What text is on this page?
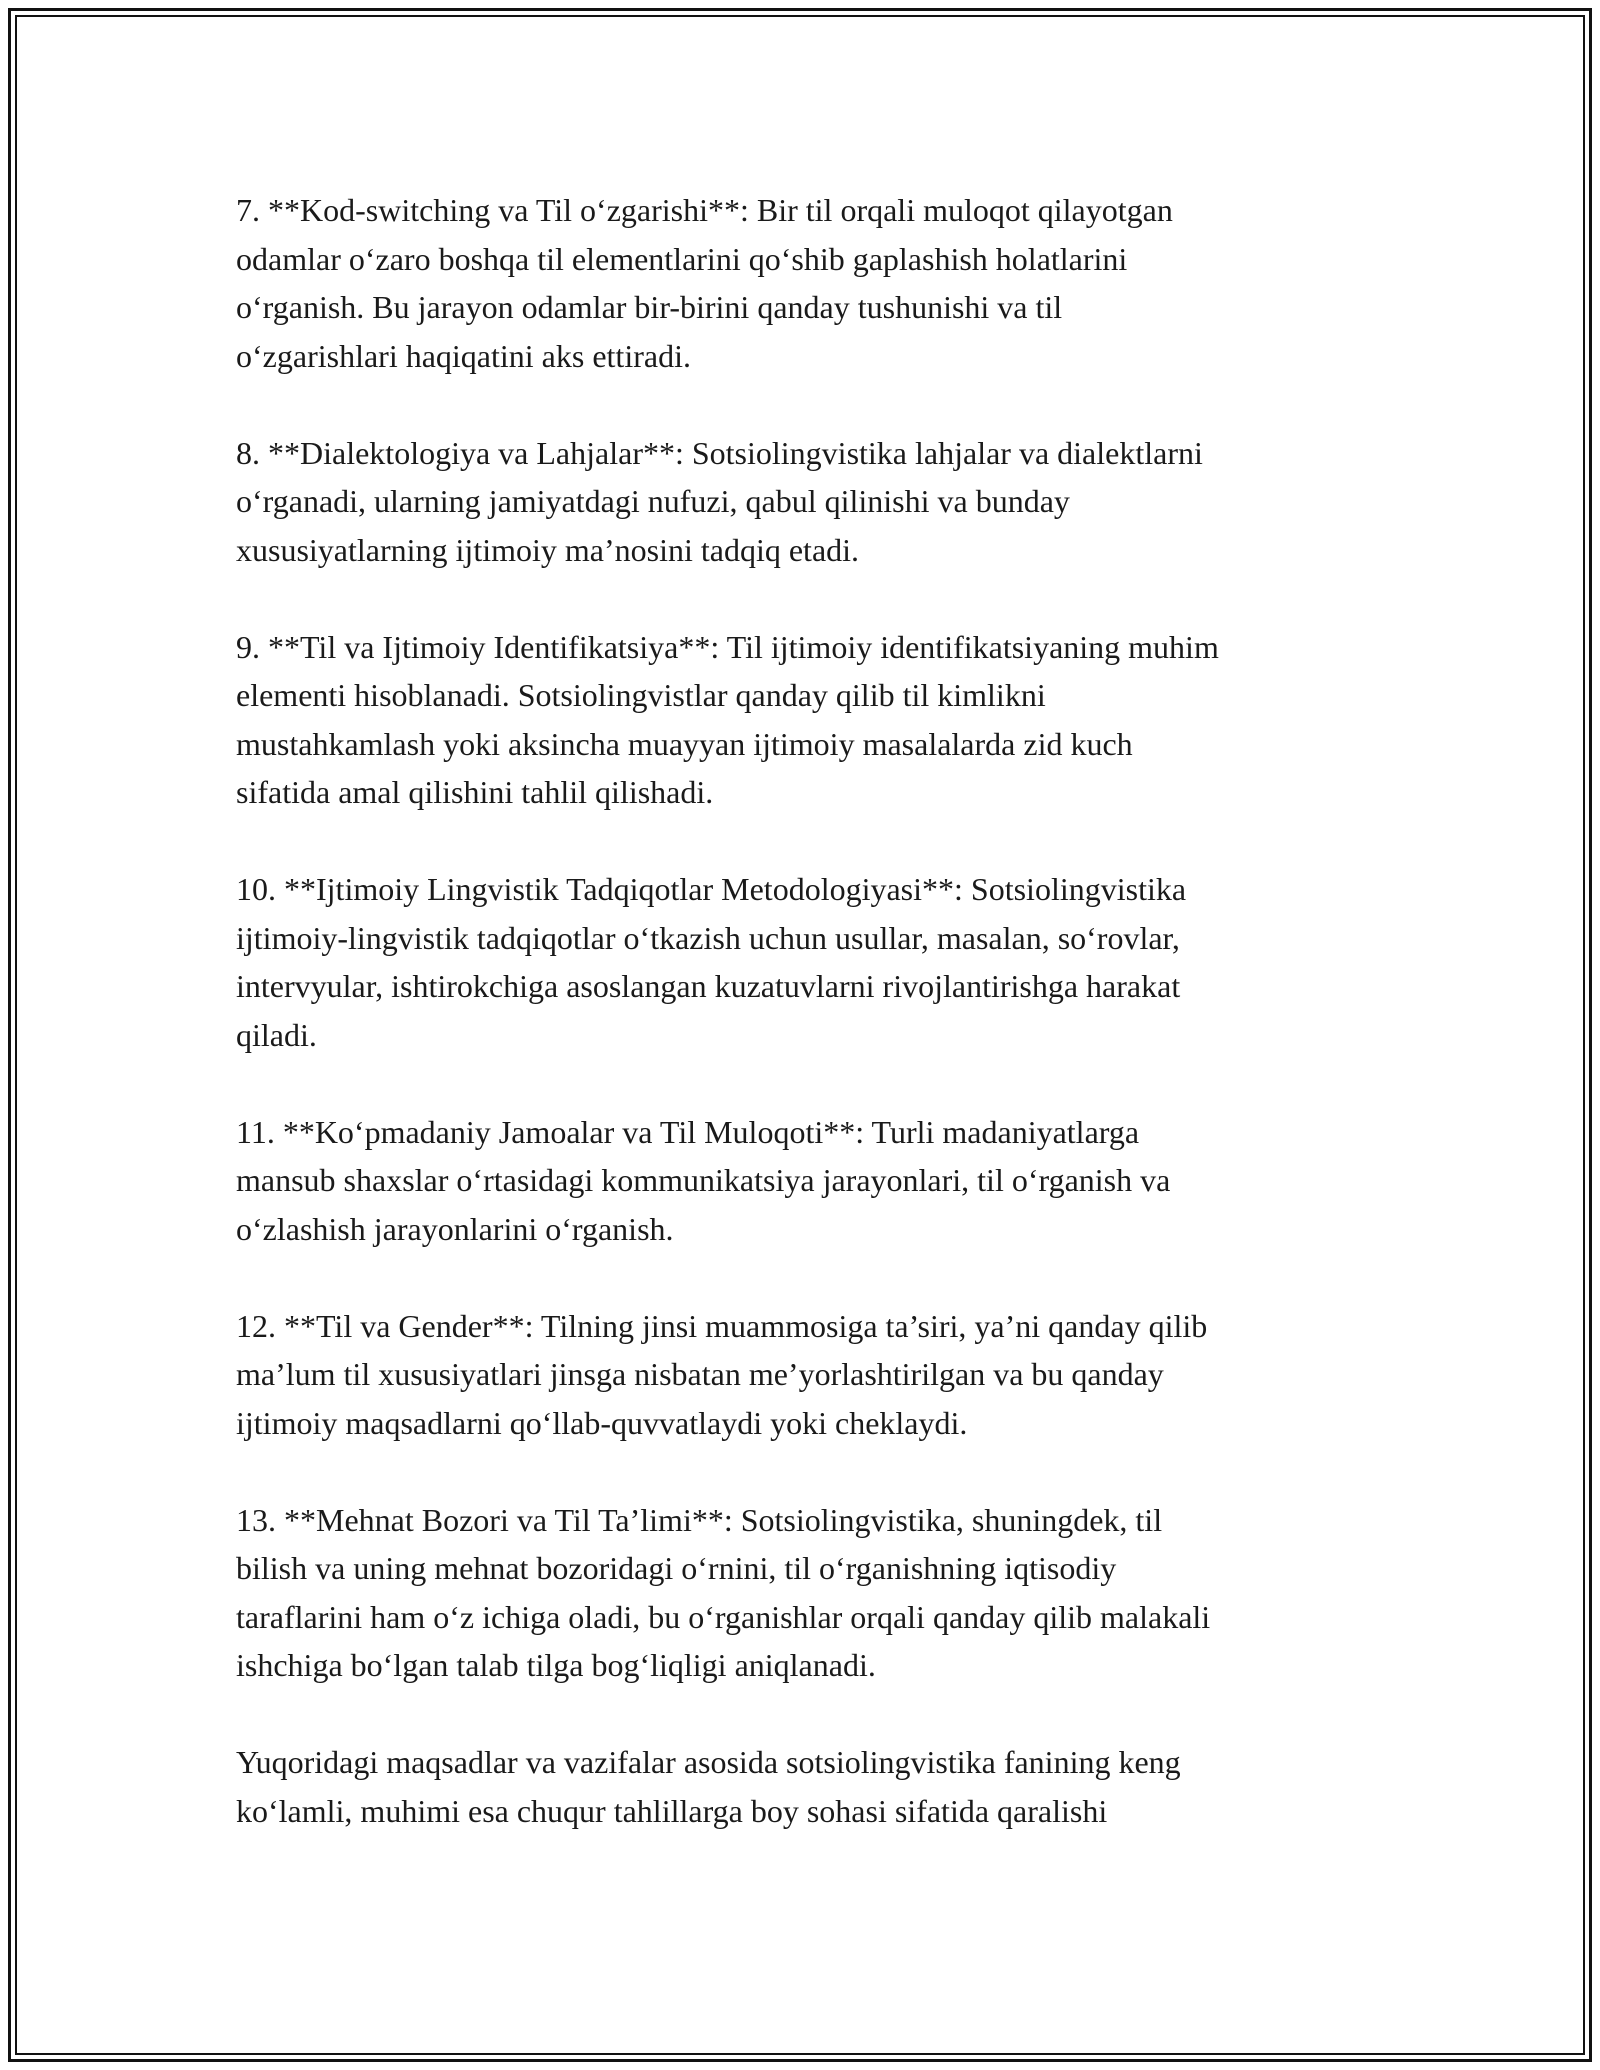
7. **Kod-switching va Til o‘zgarishi**: Bir til orqali muloqot qilayotgan
odamlar o‘zaro boshqa til elementlarini qo‘shib gaplashish holatlarini
o‘rganish. Bu jarayon odamlar bir-birini qanday tushunishi va til
o‘zgarishlari haqiqatini aks ettiradi.

8. **Dialektologiya va Lahjalar**: Sotsiolingvistika lahjalar va dialektlarni
o‘rganadi, ularning jamiyatdagi nufuzi, qabul qilinishi va bunday
xususiyatlarning ijtimoiy ma’nosini tadqiq etadi.

9. **Til va Ijtimoiy Identifikatsiya**: Til ijtimoiy identifikatsiyaning muhim
elementi hisoblanadi. Sotsiolingvistlar qanday qilib til kimlikni
mustahkamlash yoki aksincha muayyan ijtimoiy masalalarda zid kuch
sifatida amal qilishini tahlil qilishadi.

10. **Ijtimoiy Lingvistik Tadqiqotlar Metodologiyasi**: Sotsiolingvistika
ijtimoiy-lingvistik tadqiqotlar o‘tkazish uchun usullar, masalan, so‘rovlar,
intervyular, ishtirokchiga asoslangan kuzatuvlarni rivojlantirishga harakat
qiladi.

11. **Ko‘pmadaniy Jamoalar va Til Muloqoti**: Turli madaniyatlarga
mansub shaxslar o‘rtasidagi kommunikatsiya jarayonlari, til o‘rganish va
o‘zlashish jarayonlarini o‘rganish.

12. **Til va Gender**: Tilning jinsi muammosiga ta’siri, ya’ni qanday qilib
ma’lum til xususiyatlari jinsga nisbatan me’yorlashtirilgan va bu qanday
ijtimoiy maqsadlarni qo‘llab-quvvatlaydi yoki cheklaydi.

13. **Mehnat Bozori va Til Ta’limi**: Sotsiolingvistika, shuningdek, til
bilish va uning mehnat bozoridagi o‘rnini, til o‘rganishning iqtisodiy
taraflarini ham o‘z ichiga oladi, bu o‘rganishlar orqali qanday qilib malakali
ishchiga bo‘lgan talab tilga bog‘liqligi aniqlanadi.

Yuqoridagi maqsadlar va vazifalar asosida sotsiolingvistika fanining keng
ko‘lamli, muhimi esa chuqur tahlillarga boy sohasi sifatida qaralishi
